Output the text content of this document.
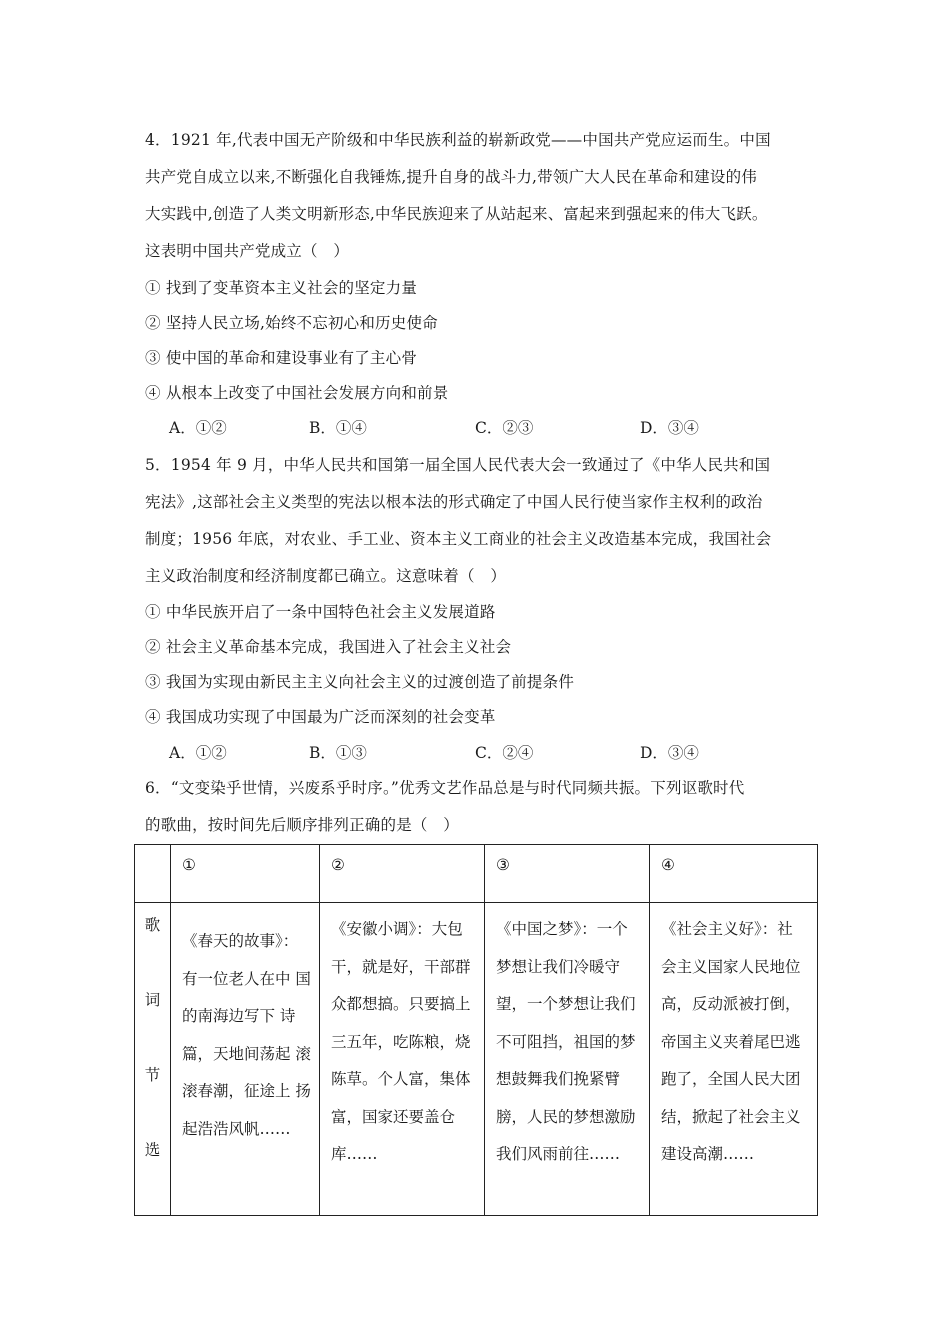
4．1921 年,代表中国无产阶级和中华民族利益的崭新政党——中国共产党应运而生。中国
共产党自成立以来,不断强化自我锤炼,提升自身的战斗力,带领广大人民在革命和建设的伟
大实践中,创造了人类文明新形态,中华民族迎来了从站起来、富起来到强起来的伟大飞跃。
这表明中国共产党成立（　）
① 找到了变革资本主义社会的坚定力量
② 坚持人民立场,始终不忘初心和历史使命
③ 使中国的革命和建设事业有了主心骨
④ 从根本上改变了中国社会发展方向和前景
A．①②	B．①④	C．②③	D．③④
5．1954 年 9 月，中华人民共和国第一届全国人民代表大会一致通过了《中华人民共和国
宪法》,这部社会主义类型的宪法以根本法的形式确定了中国人民行使当家作主权利的政治
制度；1956 年底，对农业、手工业、资本主义工商业的社会主义改造基本完成，我国社会
主义政治制度和经济制度都已确立。这意味着（　）
① 中华民族开启了一条中国特色社会主义发展道路
② 社会主义革命基本完成，我国进入了社会主义社会
③ 我国为实现由新民主主义向社会主义的过渡创造了前提条件
④ 我国成功实现了中国最为广泛而深刻的社会变革
A．①②	B．①③	C．②④	D．③④
6．“文变染乎世情，兴废系乎时序。”优秀文艺作品总是与时代同频共振。下列讴歌时代
的歌曲，按时间先后顺序排列正确的是（　）
	①	②	③	④

歌
词
节
选	《春天的故事》： 有一位老人在中 国的南海边写下 诗篇，天地间荡起 滚滚春潮，征途上 扬起浩浩风帆……	《安徽小调》：大包 干，就是好，干部群 众都想搞。只要搞上 三五年，吃陈粮，烧 陈草。个人富，集体 富，国家还要盖仓库……	《中国之梦》：一个 梦想让我们冷暖守 望，一个梦想让我们 不可阻挡，祖国的梦 想鼓舞我们挽紧臂 膀，人民的梦想激励 我们风雨前往……	《社会主义好》：社 会主义国家人民地位 高，反动派被打倒， 帝国主义夹着尾巴逃 跑了，全国人民大团 结，掀起了社会主义 建设高潮……
